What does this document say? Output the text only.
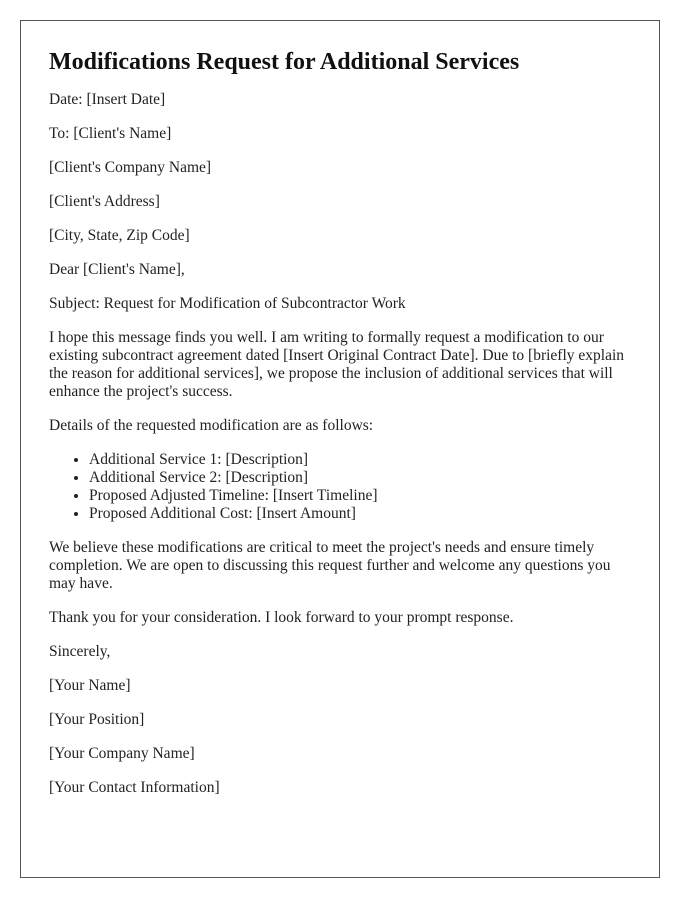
Modifications Request for Additional Services

Date: [Insert Date]

To: [Client's Name]

[Client's Company Name]

[Client's Address]

[City, State, Zip Code]

Dear [Client's Name],

Subject: Request for Modification of Subcontractor Work

I hope this message finds you well. I am writing to formally request a modification to our existing subcontract agreement dated [Insert Original Contract Date]. Due to [briefly explain the reason for additional services], we propose the inclusion of additional services that will enhance the project's success.

Details of the requested modification are as follows:

• Additional Service 1: [Description]
• Additional Service 2: [Description]
• Proposed Adjusted Timeline: [Insert Timeline]
• Proposed Additional Cost: [Insert Amount]

We believe these modifications are critical to meet the project's needs and ensure timely completion. We are open to discussing this request further and welcome any questions you may have.

Thank you for your consideration. I look forward to your prompt response.

Sincerely,

[Your Name]

[Your Position]

[Your Company Name]

[Your Contact Information]
